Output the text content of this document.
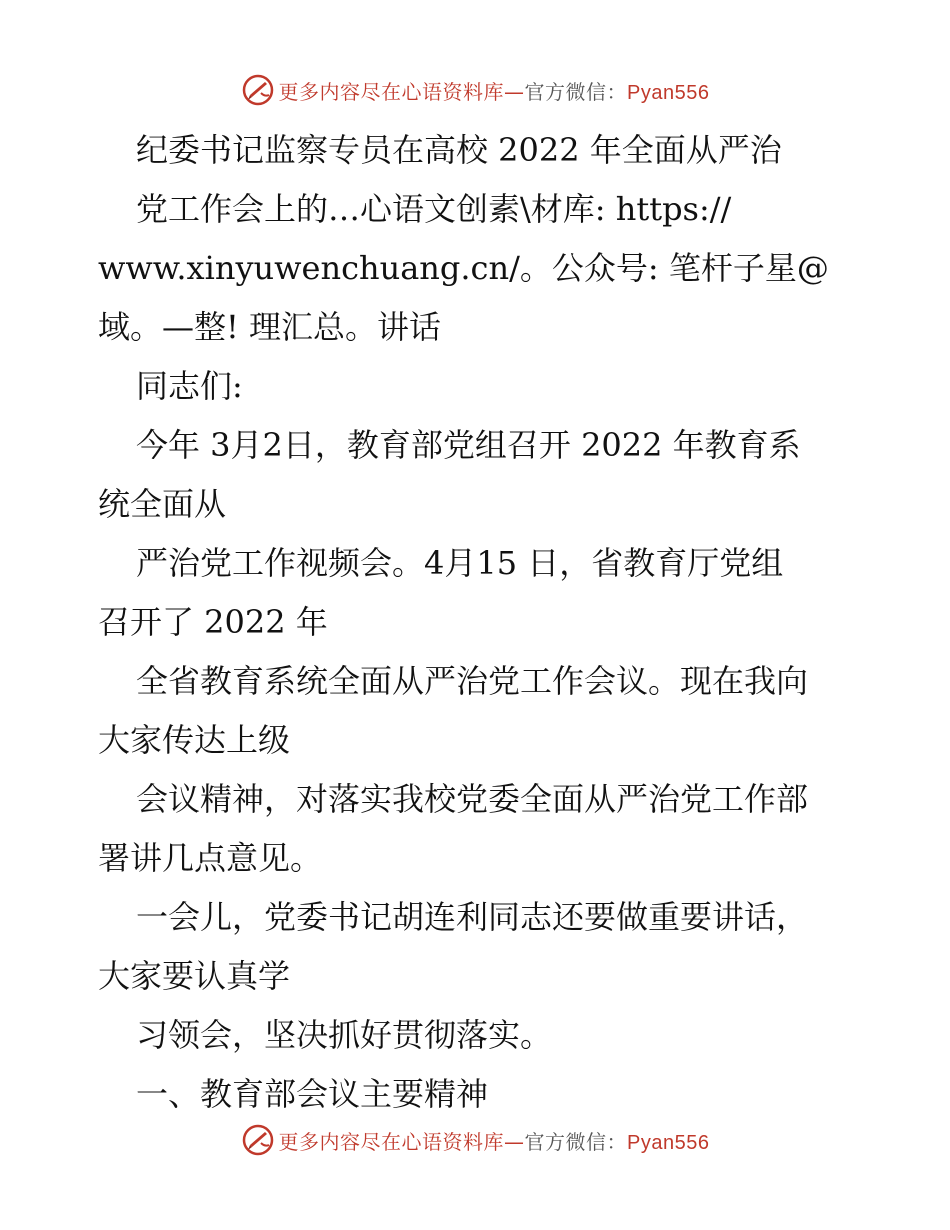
更多内容尽在心语资料库—官方微信：Pyan556
纪委书记监察专员在高校 2022 年全面从严治
党工作会上的…心语文创素\材库: https://
www.xinyuwenchuang.cn/。公众号: 笔杆子星@
域。—整! 理汇总。讲话
同志们:
今年 3月2日，教育部党组召开 2022 年教育系
统全面从
严治党工作视频会。4月15 日，省教育厅党组
召开了 2022 年
全省教育系统全面从严治党工作会议。现在我向
大家传达上级
会议精神，对落实我校党委全面从严治党工作部
署讲几点意见。
一会儿，党委书记胡连利同志还要做重要讲话，
大家要认真学
习领会，坚决抓好贯彻落实。
一、教育部会议主要精神
更多内容尽在心语资料库—官方微信：Pyan556
